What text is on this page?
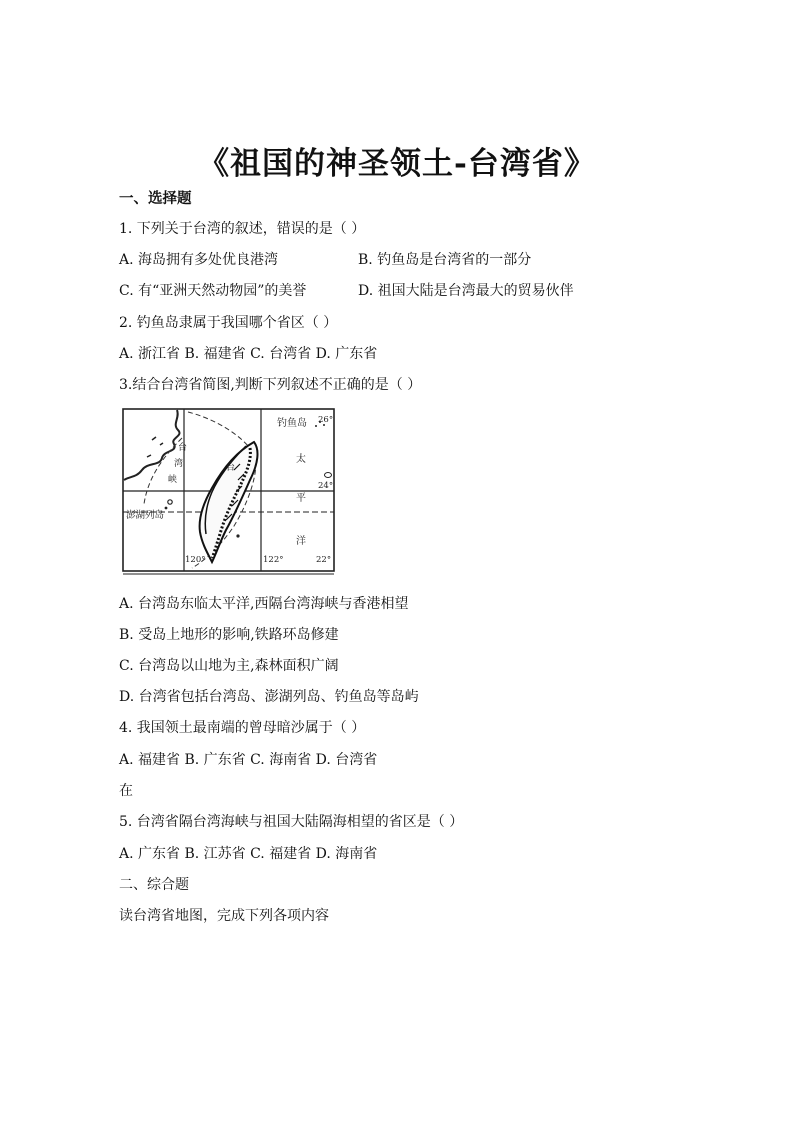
《祖国的神圣领土-台湾省》
一、选择题
1. 下列关于台湾的叙述，错误的是（ ）
A. 海岛拥有多处优良港湾	B. 钓鱼岛是台湾省的一部分
C. 有“亚洲天然动物园”的美誉	D. 祖国大陆是台湾最大的贸易伙伴
2. 钓鱼岛隶属于我国哪个省区（ ）
A. 浙江省 B. 福建省 C. 台湾省 D. 广东省
3.结合台湾省简图,判断下列叙述不正确的是（ ）
钓鱼岛 26°
24°
22°
120°	122°
太
平
洋
台
湾
峡
澎湖列岛
台
A. 台湾岛东临太平洋,西隔台湾海峡与香港相望
B. 受岛上地形的影响,铁路环岛修建
C. 台湾岛以山地为主,森林面积广阔
D. 台湾省包括台湾岛、澎湖列岛、钓鱼岛等岛屿
4. 我国领土最南端的曾母暗沙属于（ ）
A. 福建省 B. 广东省 C. 海南省 D. 台湾省
在
5. 台湾省隔台湾海峡与祖国大陆隔海相望的省区是（ ）
A. 广东省 B. 江苏省 C. 福建省 D. 海南省
二、综合题
读台湾省地图，完成下列各项内容
